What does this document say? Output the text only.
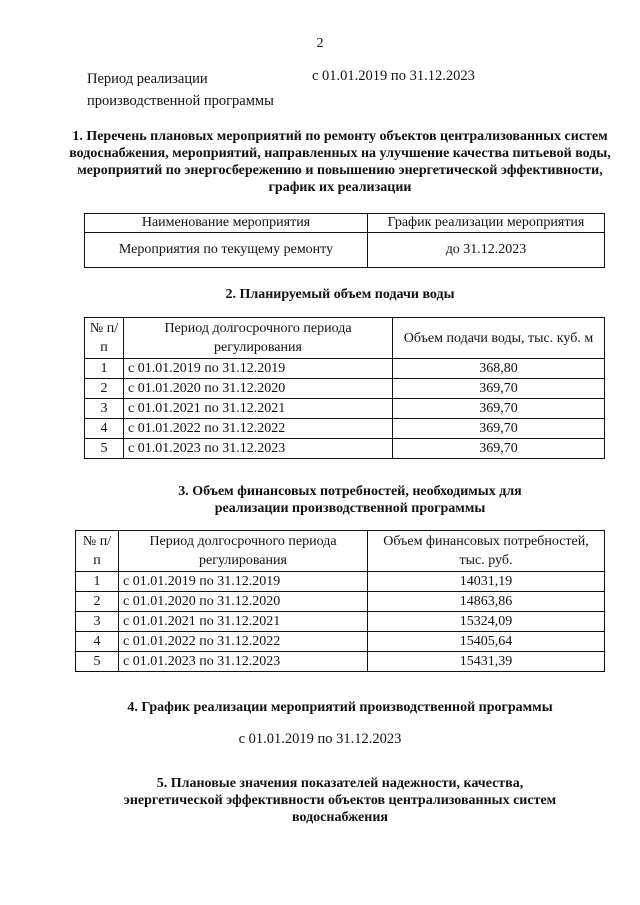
2
Период реализации производственной программы
с 01.01.2019 по 31.12.2023
1. Перечень плановых мероприятий по ремонту объектов централизованных систем водоснабжения, мероприятий, направленных на улучшение качества питьевой воды, мероприятий по энергосбережению и повышению энергетической эффективности, график их реализации
Наименование мероприятия	График реализации мероприятия
Мероприятия по текущему ремонту	до 31.12.2023
2. Планируемый объем подачи воды
№ п/п	Период долгосрочного периода регулирования	Объем подачи воды, тыс. куб. м
1	с 01.01.2019 по 31.12.2019	368,80
2	с 01.01.2020 по 31.12.2020	369,70
3	с 01.01.2021 по 31.12.2021	369,70
4	с 01.01.2022 по 31.12.2022	369,70
5	с 01.01.2023 по 31.12.2023	369,70
3. Объем финансовых потребностей, необходимых для реализации производственной программы
№ п/п	Период долгосрочного периода регулирования	Объем финансовых потребностей, тыс. руб.
1	с 01.01.2019 по 31.12.2019	14031,19
2	с 01.01.2020 по 31.12.2020	14863,86
3	с 01.01.2021 по 31.12.2021	15324,09
4	с 01.01.2022 по 31.12.2022	15405,64
5	с 01.01.2023 по 31.12.2023	15431,39
4. График реализации мероприятий производственной программы
с 01.01.2019 по 31.12.2023
5. Плановые значения показателей надежности, качества, энергетической эффективности объектов централизованных систем водоснабжения
